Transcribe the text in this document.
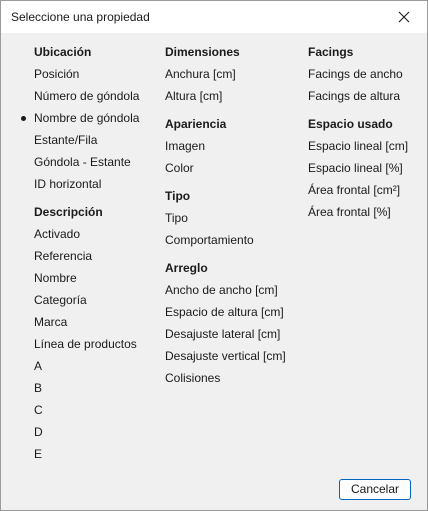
Seleccione una propiedad
Ubicación
Posición
Número de góndola
Nombre de góndola
Estante/Fila
Góndola - Estante
ID horizontal
Descripción
Activado
Referencia
Nombre
Categoría
Marca
Línea de productos
A
B
C
D
E
Dimensiones
Anchura [cm]
Altura [cm]
Apariencia
Imagen
Color
Tipo
Tipo
Comportamiento
Arreglo
Ancho de ancho [cm]
Espacio de altura [cm]
Desajuste lateral [cm]
Desajuste vertical [cm]
Colisiones
Facings
Facings de ancho
Facings de altura
Espacio usado
Espacio lineal [cm]
Espacio lineal [%]
Área frontal [cm²]
Área frontal [%]
Cancelar
